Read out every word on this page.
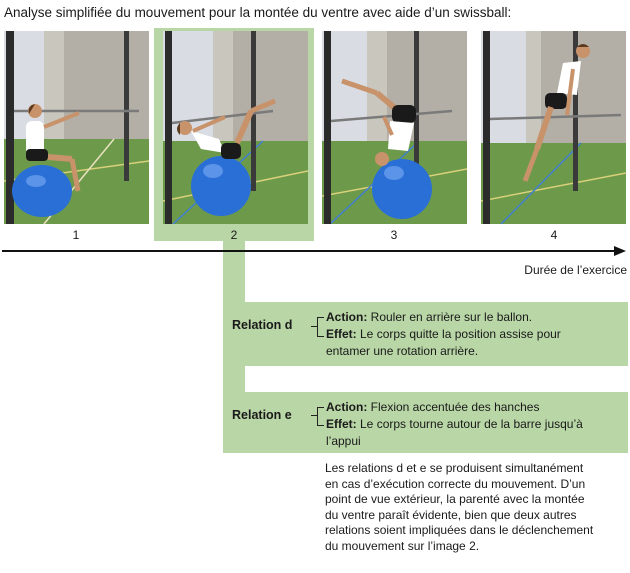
Analyse simplifiée du mouvement pour la montée du ventre avec aide d’un swissball:
1	2	3	4
Durée de l’exercice
Relation d
Action: Rouler en arrière sur le ballon.
Effet: Le corps quitte la position assise pour
entamer une rotation arrière.
Relation e
Action: Flexion accentuée des hanches
Effet: Le corps tourne autour de la barre jusqu’à
l’appui
Les relations d et e se produisent simultanément
en cas d’exécution correcte du mouvement. D’un
point de vue extérieur, la parenté avec la montée
du ventre paraît évidente, bien que deux autres
relations soient impliquées dans le déclenchement
du mouvement sur l’image 2.
